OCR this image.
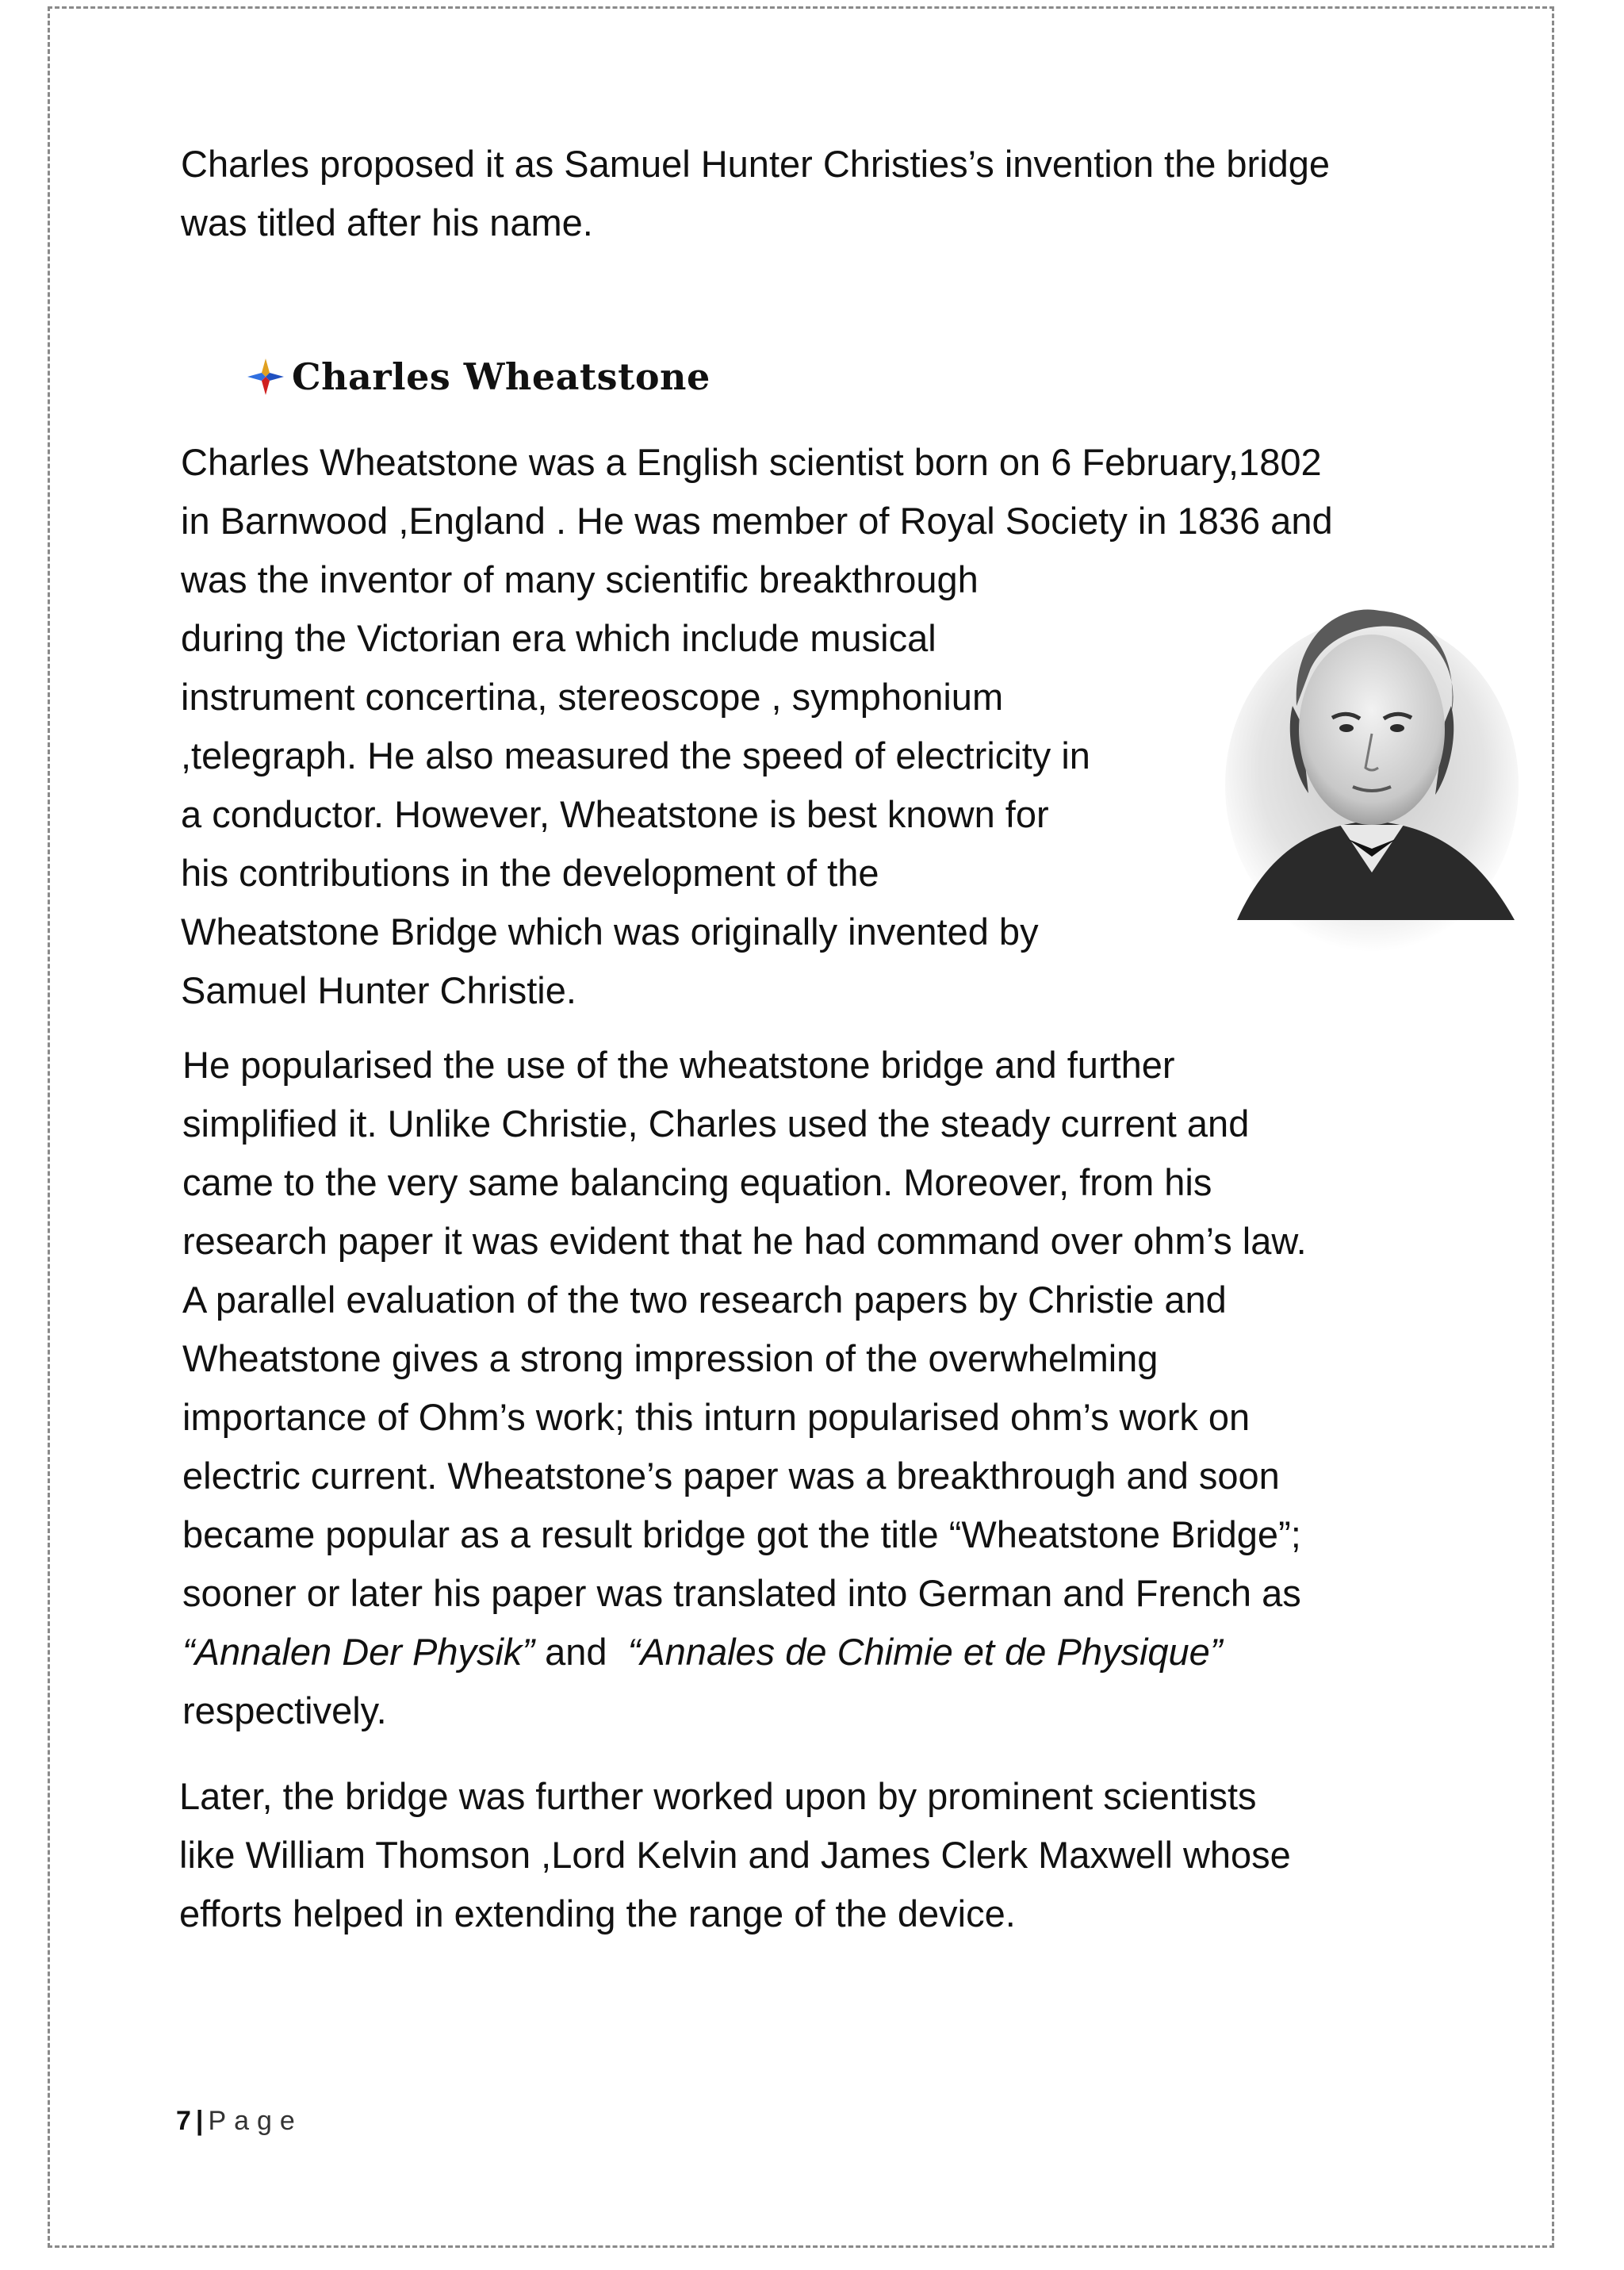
Charles proposed it as Samuel Hunter Christies’s invention the bridge
was titled after his name.
Charles Wheatstone
Charles Wheatstone was a English scientist born on 6 February,1802
in Barnwood ,England . He was member of Royal Society in 1836 and
was the inventor of many scientific breakthrough
during the Victorian era which include musical
instrument concertina, stereoscope , symphonium
,telegraph. He also measured the speed of electricity in
a conductor. However, Wheatstone is best known for
his contributions in the development of the
Wheatstone Bridge which was originally invented by
Samuel Hunter Christie.
He popularised the use of the wheatstone bridge and further
simplified it. Unlike Christie, Charles used the steady current and
came to the very same balancing equation. Moreover, from his
research paper it was evident that he had command over ohm’s law.
A parallel evaluation of the two research papers by Christie and
Wheatstone gives a strong impression of the overwhelming
importance of Ohm’s work; this inturn popularised ohm’s work on
electric current. Wheatstone’s paper was a breakthrough and soon
became popular as a result bridge got the title “Wheatstone Bridge”;
sooner or later his paper was translated into German and French as
“Annalen Der Physik” and  “Annales de Chimie et de Physique”
respectively.
Later, the bridge was further worked upon by prominent scientists
like William Thomson ,Lord Kelvin and James Clerk Maxwell whose
efforts helped in extending the range of the device.
7 | Page
